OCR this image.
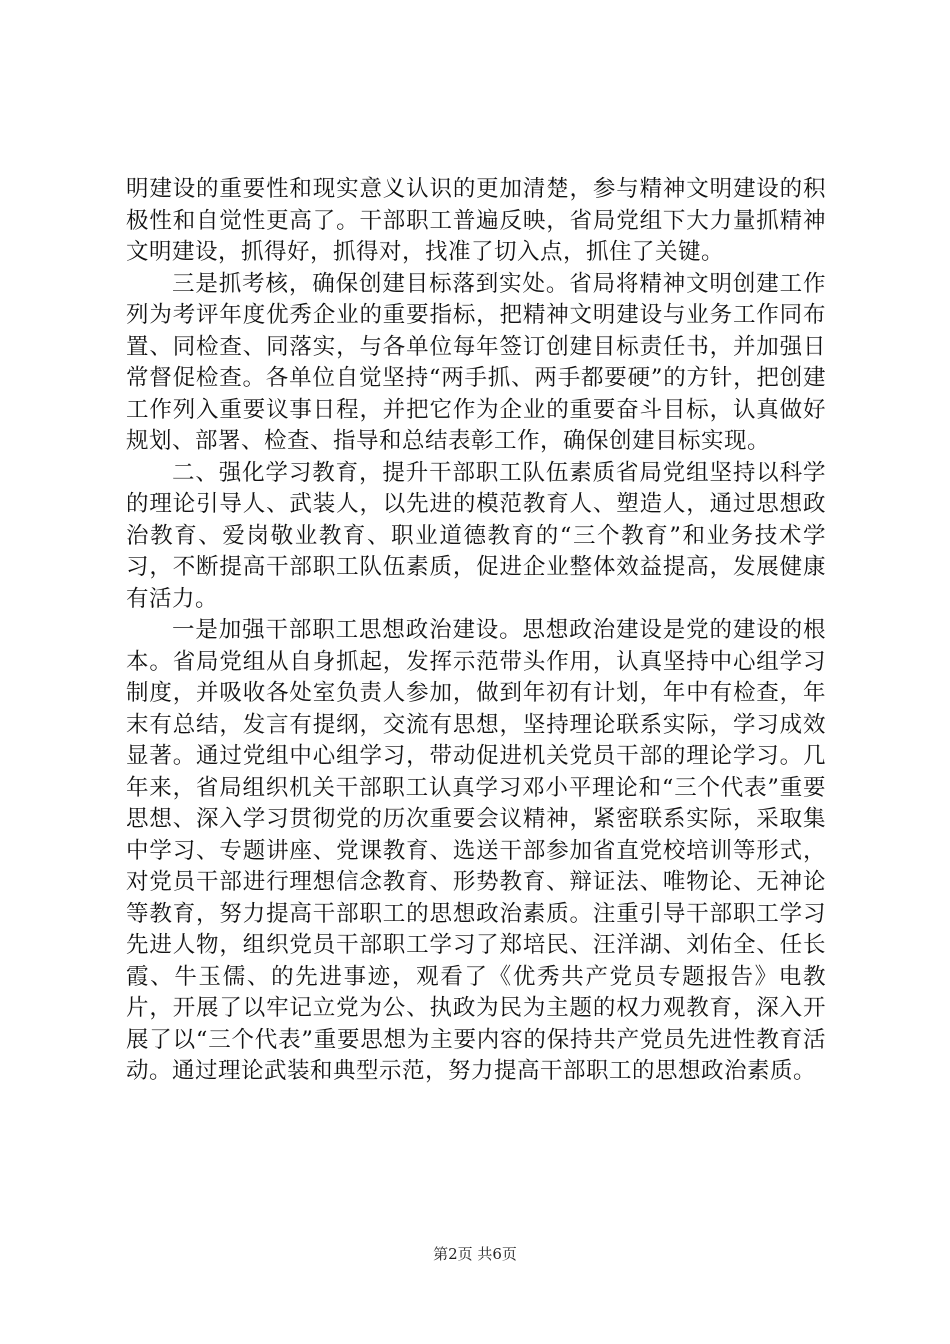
明建设的重要性和现实意义认识的更加清楚，参与精神文明建设的积极性和自觉性更高了。干部职工普遍反映，省局党组下大力量抓精神文明建设，抓得好，抓得对，找准了切入点，抓住了关键。

三是抓考核，确保创建目标落到实处。省局将精神文明创建工作列为考评年度优秀企业的重要指标，把精神文明建设与业务工作同布置、同检查、同落实，与各单位每年签订创建目标责任书，并加强日常督促检查。各单位自觉坚持“两手抓、两手都要硬”的方针，把创建工作列入重要议事日程，并把它作为企业的重要奋斗目标，认真做好规划、部署、检查、指导和总结表彰工作，确保创建目标实现。

二、强化学习教育，提升干部职工队伍素质省局党组坚持以科学的理论引导人、武装人，以先进的模范教育人、塑造人，通过思想政治教育、爱岗敬业教育、职业道德教育的“三个教育”和业务技术学习，不断提高干部职工队伍素质，促进企业整体效益提高，发展健康有活力。

一是加强干部职工思想政治建设。思想政治建设是党的建设的根本。省局党组从自身抓起，发挥示范带头作用，认真坚持中心组学习制度，并吸收各处室负责人参加，做到年初有计划，年中有检查，年末有总结，发言有提纲，交流有思想，坚持理论联系实际，学习成效显著。通过党组中心组学习，带动促进机关党员干部的理论学习。几年来，省局组织机关干部职工认真学习邓小平理论和“三个代表”重要思想、深入学习贯彻党的历次重要会议精神，紧密联系实际，采取集中学习、专题讲座、党课教育、选送干部参加省直党校培训等形式，对党员干部进行理想信念教育、形势教育、辩证法、唯物论、无神论等教育，努力提高干部职工的思想政治素质。注重引导干部职工学习先进人物，组织党员干部职工学习了郑培民、汪洋湖、刘佑全、任长霞、牛玉儒、的先进事迹，观看了《优秀共产党员专题报告》电教片，开展了以牢记立党为公、执政为民为主题的权力观教育，深入开展了以“三个代表”重要思想为主要内容的保持共产党员先进性教育活动。通过理论武装和典型示范，努力提高干部职工的思想政治素质。

第2页 共6页
